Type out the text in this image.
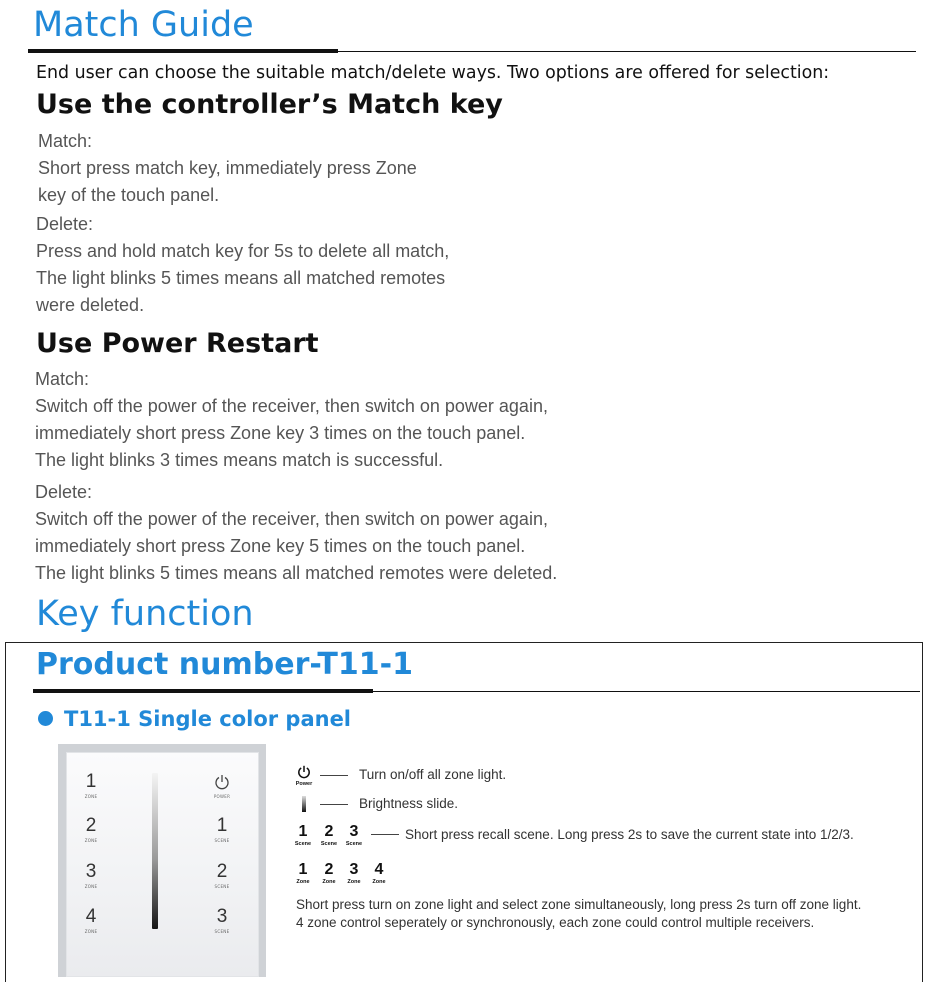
Match Guide
End user can choose the suitable match/delete ways. Two options are offered for selection:
Use the controller’s Match key
Match:
Short press match key, immediately press Zone
key of the touch panel.
Delete:
Press and hold match key for 5s to delete all match,
The light blinks 5 times means all matched remotes
were deleted.
Use Power Restart
Match:
Switch off the power of the receiver, then switch on power again,
immediately short press Zone key 3 times on the touch panel.
The light blinks 3 times means match is successful.
Delete:
Switch off the power of the receiver, then switch on power again,
immediately short press Zone key 5 times on the touch panel.
The light blinks 5 times means all matched remotes were deleted.
Key function
Product number-T11-1
T11-1 Single color panel
1
ZONE
2
ZONE
3
ZONE
4
ZONE
POWER
1
SCENE
2
SCENE
3
SCENE
Power
Turn on/off all zone light.
Brightness slide.
1
Scene
2
Scene
3
Scene
Short press recall scene. Long press 2s to save the current state into 1/2/3.
1
Zone
2
Zone
3
Zone
4
Zone
Short press turn on zone light and select zone simultaneously, long press 2s turn off zone light.
4 zone control seperately or synchronously, each zone could control multiple receivers.
